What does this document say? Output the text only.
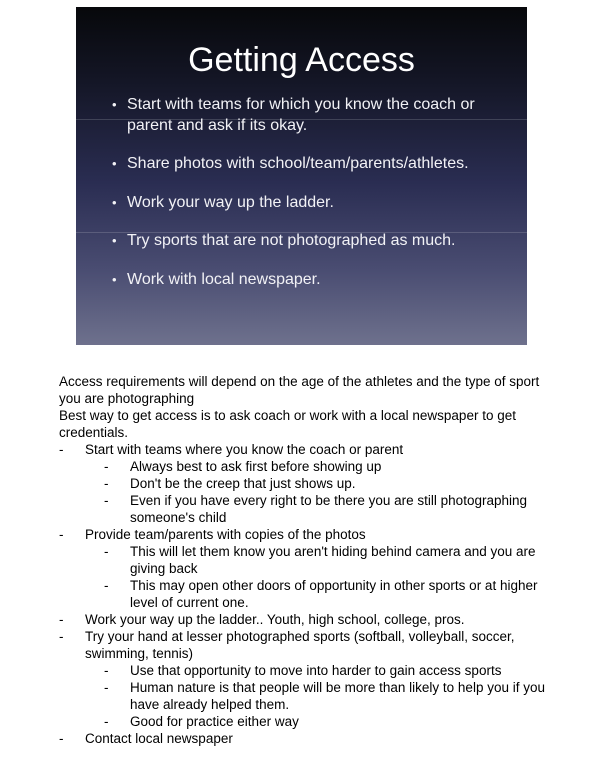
Getting Access
• Start with teams for which you know the coach or parent and ask if its okay.
• Share photos with school/team/parents/athletes.
• Work your way up the ladder.
• Try sports that are not photographed as much.
• Work with local newspaper.

Access requirements will depend on the age of the athletes and the type of sport you are photographing

Best way to get access is to ask coach or work with a local newspaper to get credentials.

- Start with teams where you know the coach or parent
- Always best to ask first before showing up
- Don't be the creep that just shows up.
- Even if you have every right to be there you are still photographing someone's child
- Provide team/parents with copies of the photos
- This will let them know you aren't hiding behind camera and you are giving back
- This may open other doors of opportunity in other sports or at higher level of current one.
- Work your way up the ladder.. Youth, high school, college, pros.
- Try your hand at lesser photographed sports (softball, volleyball, soccer, swimming, tennis)
- Use that opportunity to move into harder to gain access sports
- Human nature is that people will be more than likely to help you if you have already helped them.
- Good for practice either way
- Contact local newspaper
